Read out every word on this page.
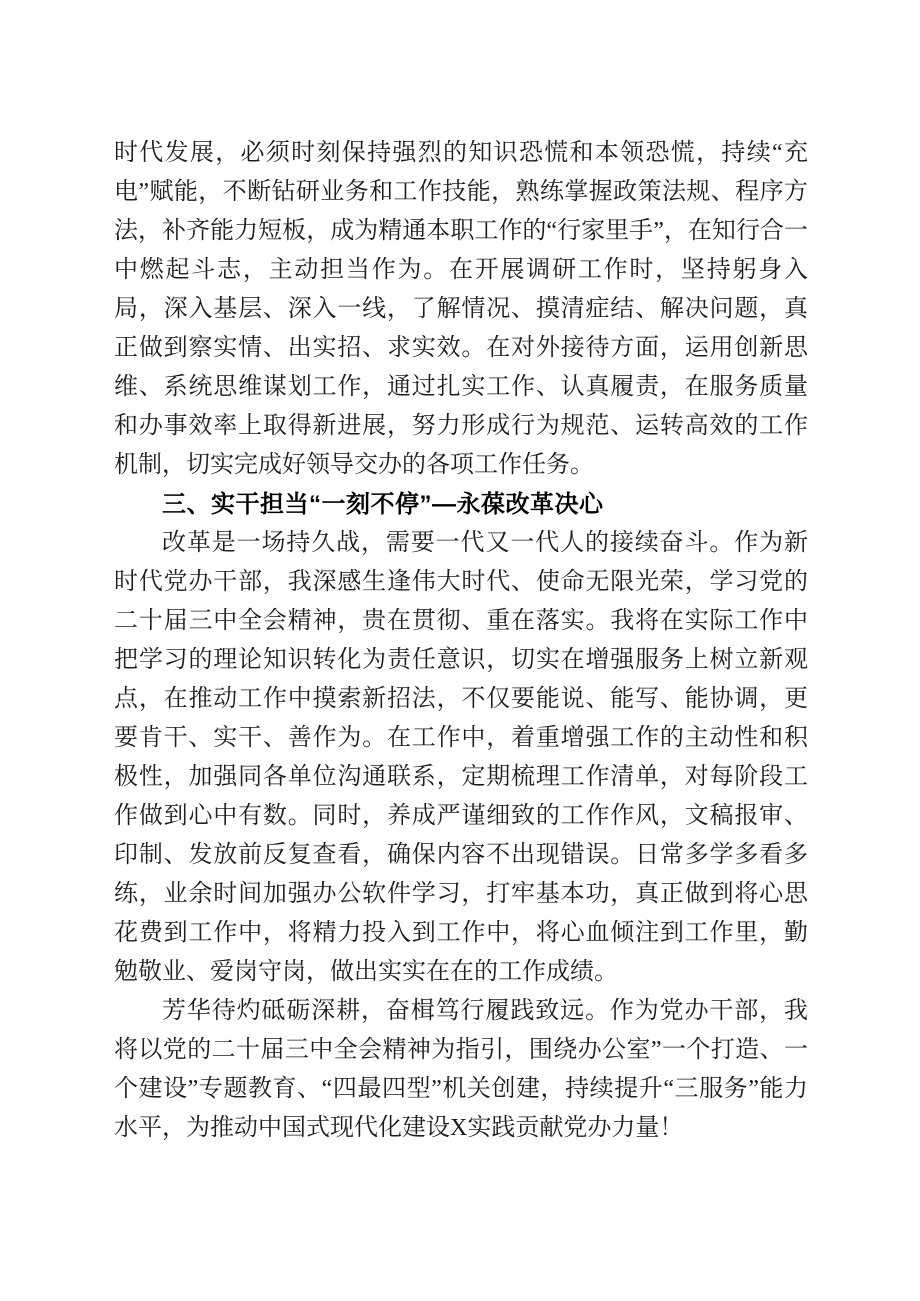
时代发展，必须时刻保持强烈的知识恐慌和本领恐慌，持续“充电”赋能，不断钻研业务和工作技能，熟练掌握政策法规、程序方法，补齐能力短板，成为精通本职工作的“行家里手”，在知行合一中燃起斗志，主动担当作为。在开展调研工作时，坚持躬身入局，深入基层、深入一线，了解情况、摸清症结、解决问题，真正做到察实情、出实招、求实效。在对外接待方面，运用创新思维、系统思维谋划工作，通过扎实工作、认真履责，在服务质量和办事效率上取得新进展，努力形成行为规范、运转高效的工作机制，切实完成好领导交办的各项工作任务。

三、实干担当“一刻不停”—永葆改革决心

改革是一场持久战，需要一代又一代人的接续奋斗。作为新时代党办干部，我深感生逢伟大时代、使命无限光荣，学习党的二十届三中全会精神，贵在贯彻、重在落实。我将在实际工作中把学习的理论知识转化为责任意识，切实在增强服务上树立新观点，在推动工作中摸索新招法，不仅要能说、能写、能协调，更要肯干、实干、善作为。在工作中，着重增强工作的主动性和积极性，加强同各单位沟通联系，定期梳理工作清单，对每阶段工作做到心中有数。同时，养成严谨细致的工作作风，文稿报审、印制、发放前反复查看，确保内容不出现错误。日常多学多看多练，业余时间加强办公软件学习，打牢基本功，真正做到将心思花费到工作中，将精力投入到工作中，将心血倾注到工作里，勤勉敬业、爱岗守岗，做出实实在在的工作成绩。

芳华待灼砥砺深耕，奋楫笃行履践致远。作为党办干部，我将以党的二十届三中全会精神为指引，围绕办公室”一个打造、一个建设”专题教育、“四最四型”机关创建，持续提升“三服务”能力水平，为推动中国式现代化建设X实践贡献党办力量！
